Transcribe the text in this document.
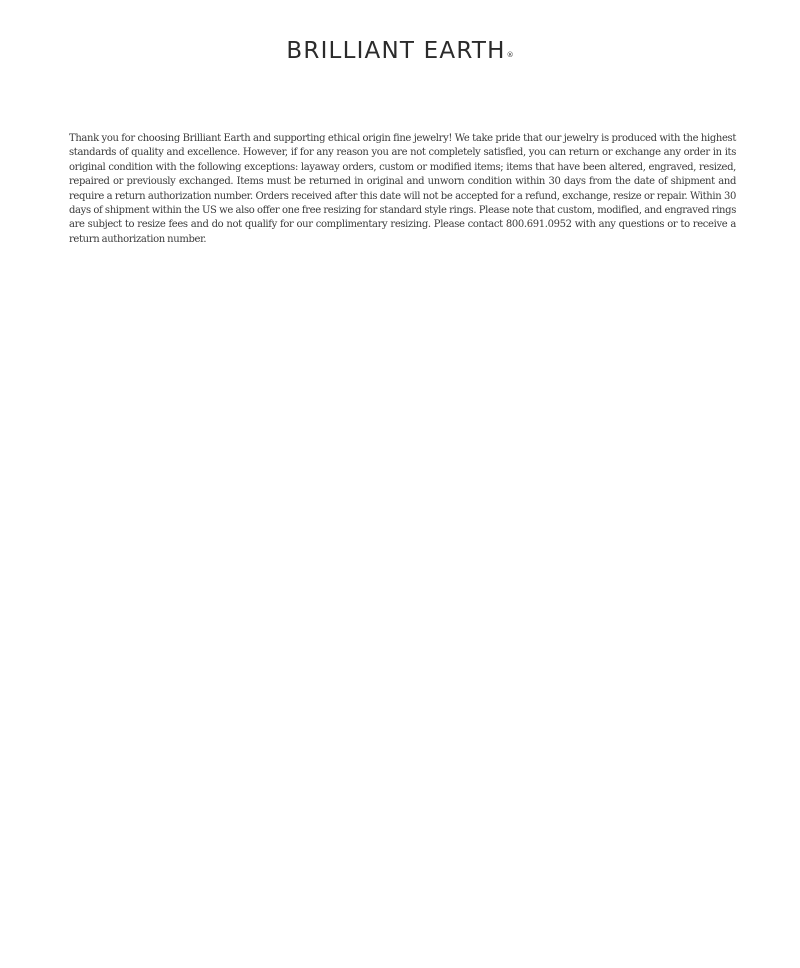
BRILLIANT EARTH®

Thank you for choosing Brilliant Earth and supporting ethical origin fine jewelry! We take pride that our jewelry is produced with the highest standards of quality and excellence. However, if for any reason you are not completely satisfied, you can return or exchange any order in its original condition with the following exceptions: layaway orders, custom or modified items; items that have been altered, engraved, resized, repaired or previously exchanged. Items must be returned in original and unworn condition within 30 days from the date of shipment and require a return authorization number. Orders received after this date will not be accepted for a refund, exchange, resize or repair. Within 30 days of shipment within the US we also offer one free resizing for standard style rings. Please note that custom, modified, and engraved rings are subject to resize fees and do not qualify for our complimentary resizing. Please contact 800.691.0952 with any questions or to receive a return authorization number.
